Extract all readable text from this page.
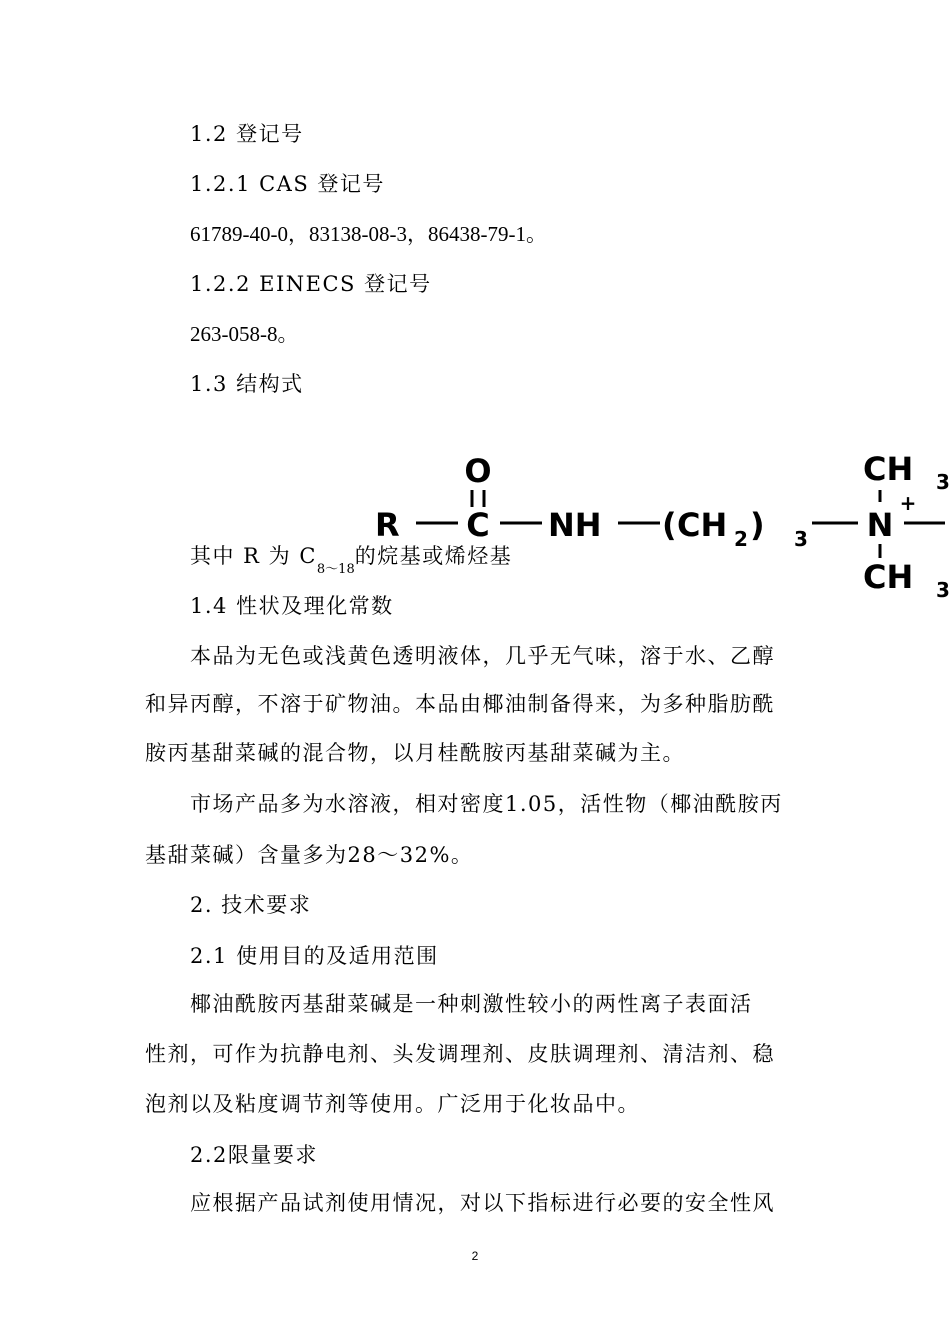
1.2 登记号
1.2.1 CAS 登记号
61789-40-0，83138-08-3，86438-79-1。
1.2.2 EINECS 登记号
263-058-8。
1.3 结构式
O
R C NH ( CH 2 ) 3 N
+
CH 3
CH 3
其中 R 为 $C_{8\sim 18}$的烷基或烯烃基
1.4 性状及理化常数
本品为无色或浅黄色透明液体，几乎无气味，溶于水、乙醇
和异丙醇，不溶于矿物油。本品由椰油制备得来，为多种脂肪酰
胺丙基甜菜碱的混合物，以月桂酰胺丙基甜菜碱为主。
市场产品多为水溶液，相对密度1.05，活性物（椰油酰胺丙
基甜菜碱）含量多为28～32%。
2. 技术要求
2.1 使用目的及适用范围
椰油酰胺丙基甜菜碱是一种刺激性较小的两性离子表面活
性剂，可作为抗静电剂、头发调理剂、皮肤调理剂、清洁剂、稳
泡剂以及粘度调节剂等使用。广泛用于化妆品中。
2.2限量要求
应根据产品试剂使用情况，对以下指标进行必要的安全性风
2
